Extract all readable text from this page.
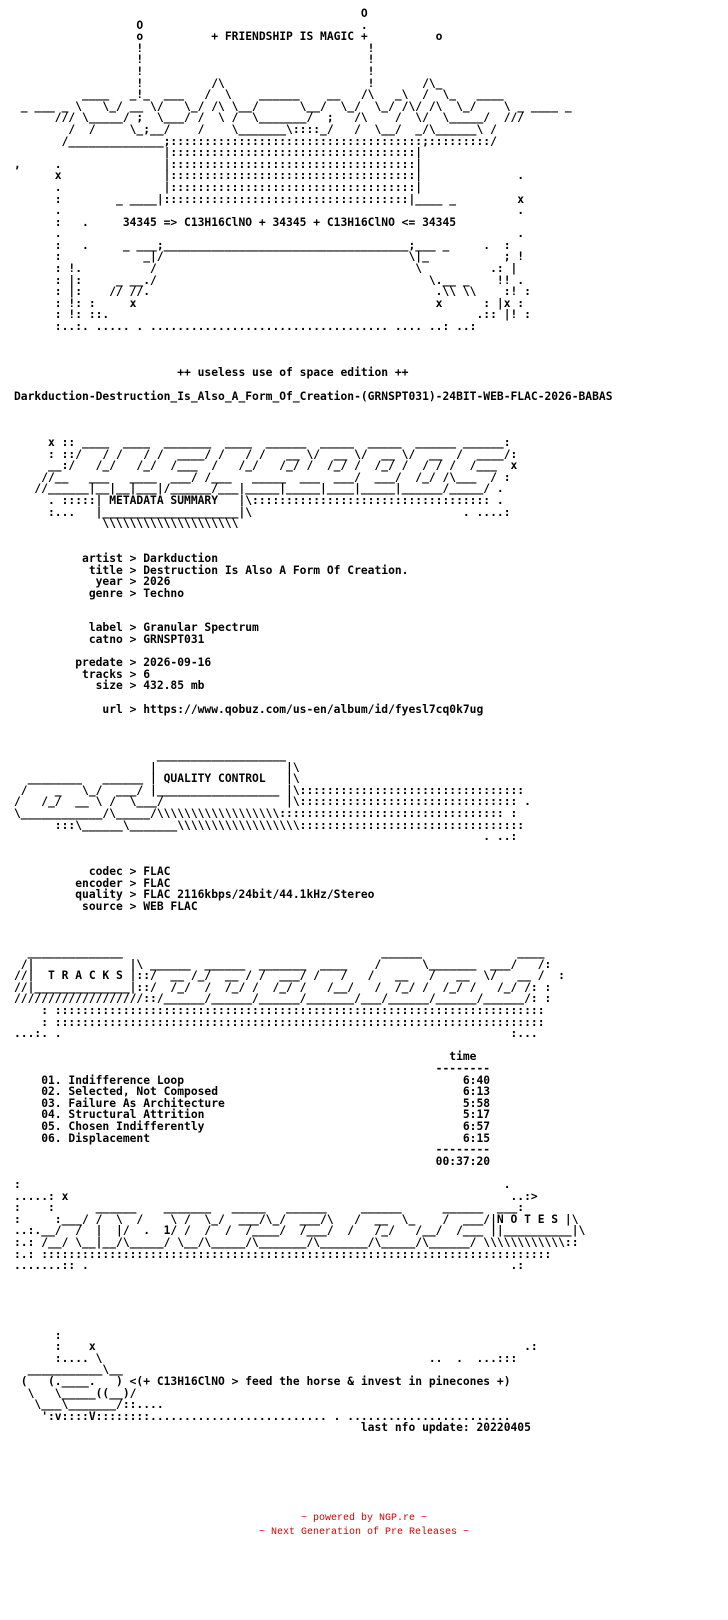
O
O                                .
o          + FRIENDSHIP IS MAGIC +          o
!                                 !
!                                 !
!                                 !
!          /\                     !       /\_
____   _!_  ___   /  \    ______    __   /\   _\  /  \_   ____
_ ___ _ \   \_/ __ \/   \_/ /\ \__/      \__/  \_/  \_/ /\/ /\  \_/    \ _ ____ _
/// \_____/ ;  \___/ /  \ /  \_______/  ;   /\    /  \/  \_____/  ///
/  /     \_;__/    /    \_______\::::_/   /  \__/  _/\______\ /
/______________;:::::::::::::::::::::::::::::::::::::;:::::::::/
|::::::::::::::::::::::::::::::::::::|
,     .               |::::::::::::::::::::::::::::::::::::|
x               |::::::::::::::::::::::::::::::::::::|              .
.               |::::::::::::::::::::::::::::::::::::|
:        _ ____|::::::::::::::::::::::::::::::::::::|____ _         x
.                                                                   .
:   .     34345 => C13H16ClNO + 34345 + C13H16ClNO <= 34345
.                                                                   .
:   .     _ ___;____________________________________;___ _     .  :
:            _|/                                    \|_           ; !
: !.          /                                      \          .: |
: |:     _ __./                                        \.__ _    !! .
: |:    // //.                                          .\\ \\    :! :
: !: :     x                                            x      : |x :
: !: ::.                                                      .:: |! :
:..:. ..... . ................................... .... ..: ..:

++ useless use of space edition ++

Darkduction-Destruction_Is_Also_A_Form_Of_Creation-(GRNSPT031)-24BIT-WEB-FLAC-2026-BABAS

x :: ____  ____  _______  ____  ______  _____  _____  ______ ______:
: ::/   / /   / /  ____/ /   / /   __ \/  __ \/  __ \/  __  /  ____/:
__:/   /_/   /_/  /___  /   /_/   /_/ /  /_/ /  /_/ /  / / /  /___  x
//__   ___   ____  ___/ /___   _____  ___  ___/  ___/  /_/ /\___  / :
//______|__|__|___|/______/___|_____|_____|____|_____|______/_____/ .
. :::::| METADATA SUMMARY   |\::::::::::::::::::::::::::::::::::: .
:...   |____________________|\                               . ....:
\\\\\\\\\\\\\\\\\\\\

artist > Darkduction
title > Destruction Is Also A Form Of Creation.
year > 2026
genre > Techno

label > Granular Spectrum
catno > GRNSPT031

predate > 2026-09-16
tracks > 6
size > 432.85 mb

url > https://www.qobuz.com/us-en/album/id/fyesl7cq0k7ug

___________________
|                   |\
________   ______ | QUALITY CONTROL   |\
/    _   \_/  ___/ |__________________ |\:::::::::::::::::::::::::::::::::
/   /_/  __ \ /  \___/                  |\:::::::::::::::::::::::::::::::: .
\____________/\_____/\\\\\\\\\\\\\\\\\\::::::::::::::::::::::::::::::::: :
:::\______\_______\\\\\\\\\\\\\\\\\\:::::::::::::::::::::::::::::::::
. ..:

codec > FLAC
encoder > FLAC
quality > FLAC 2116kbps/24bit/44.1kHz/Stereo
source > WEB FLAC

______________                                      ______              ____
/|              |\ ______  ______  _______  ____    /      \_______  ___/   /:
//|  T R A C K S |::/  __ /_/  __ / /  ___/ /   /   /   __   /   __  \/   __ /  :
//|______________|::/  /_/  /  /_/ /  /_/ /   /__/   /  /_/ /  /_/ /   /_/ /: :
///////////////////::/______/______/______/_______/___/______/______/______/: :
: ::::::::::::::::::::::::::::::::::::::::::::::::::::::::::::::::::::::::
: ::::::::::::::::::::::::::::::::::::::::::::::::::::::::::::::::::::::::
...:. .                                                                  :...

time
--------
01. Indifference Loop                                         6:40
02. Selected, Not Composed                                    6:13
03. Failure As Architecture                                   5:58
04. Structural Attrition                                      5:17
05. Chosen Indifferently                                      6:57
06. Displacement                                              6:15
--------
00:37:20

:                                                                       .
.....: x                                                                 ..:>
:    :      ______    _______   _____   ______     ______      ______  ___:
:     :___/ /  \  /    \ /  \_/  ___/\_/  ___/\   /  __  \_    /  ___/|N O T E S |\
..:.__/  /  |  |/  .  1/ /  /  /  /____/  /___/  /   /_/   /__/  /___ ||__________|\
:.: /__/ \__|__/\_____/ \__/\_____/\_______/\_______/\_____/\______/ \\\\\\\\\\\\::
:.: :::::::::::::::::::::::::::::::::::::::::::::::::::::::::::::::::::::::::::
.......:: .                                                              .:

:
:    x                                                               .:
:.... \                                                ..  .  ...:::
___________\__
(   (.____.   ) <(+ C13H16ClNO > feed the horse & invest in pinecones +)
\   \_____((__)/
\___\_______/::....
':v::::V::::::::.......................... . ........................
last nfo update: 20220405
~ powered by NGP.re ~
~ Next Generation of Pre Releases ~
